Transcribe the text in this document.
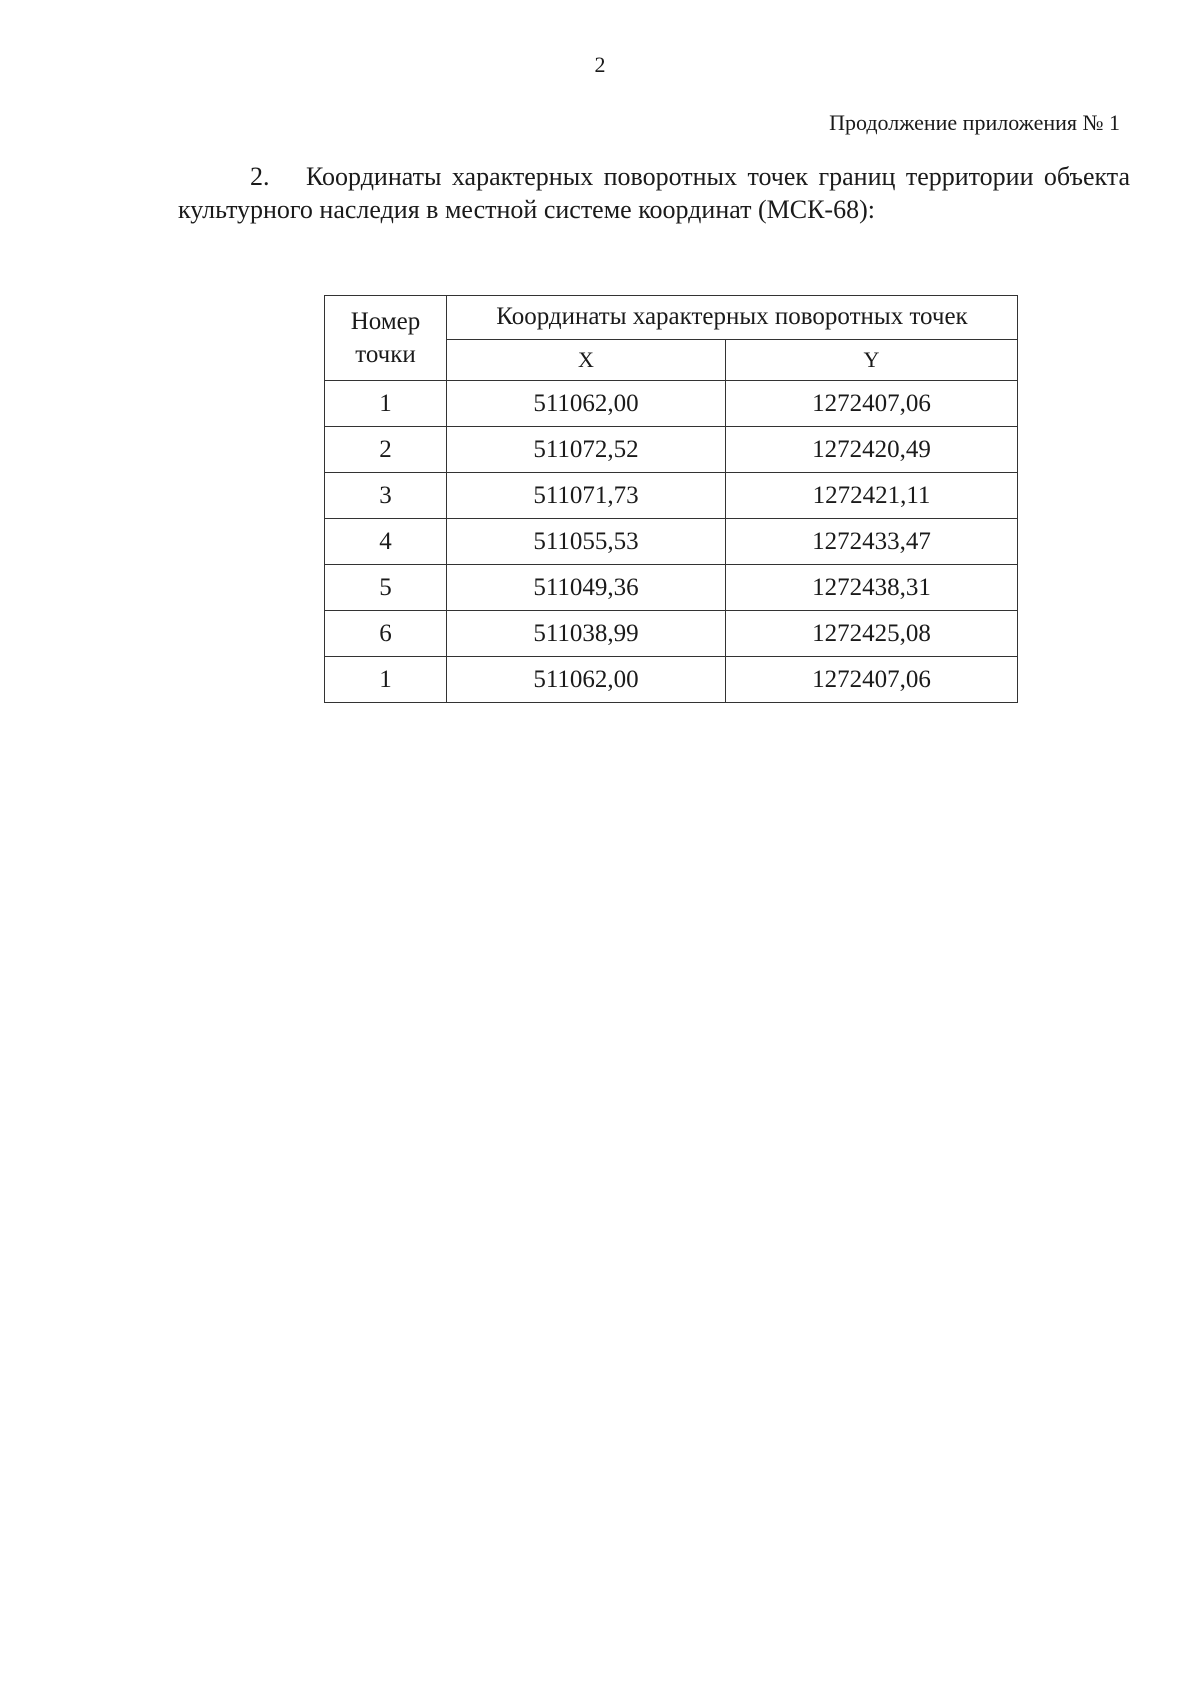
2
Продолжение приложения № 1
2. Координаты характерных поворотных точек границ территории объекта культурного наследия в местной системе координат (МСК-68):
Номер точки	Координаты характерных поворотных точек	
	X	Y
1	511062,00	1272407,06
2	511072,52	1272420,49
3	511071,73	1272421,11
4	511055,53	1272433,47
5	511049,36	1272438,31
6	511038,99	1272425,08
1	511062,00	1272407,06
